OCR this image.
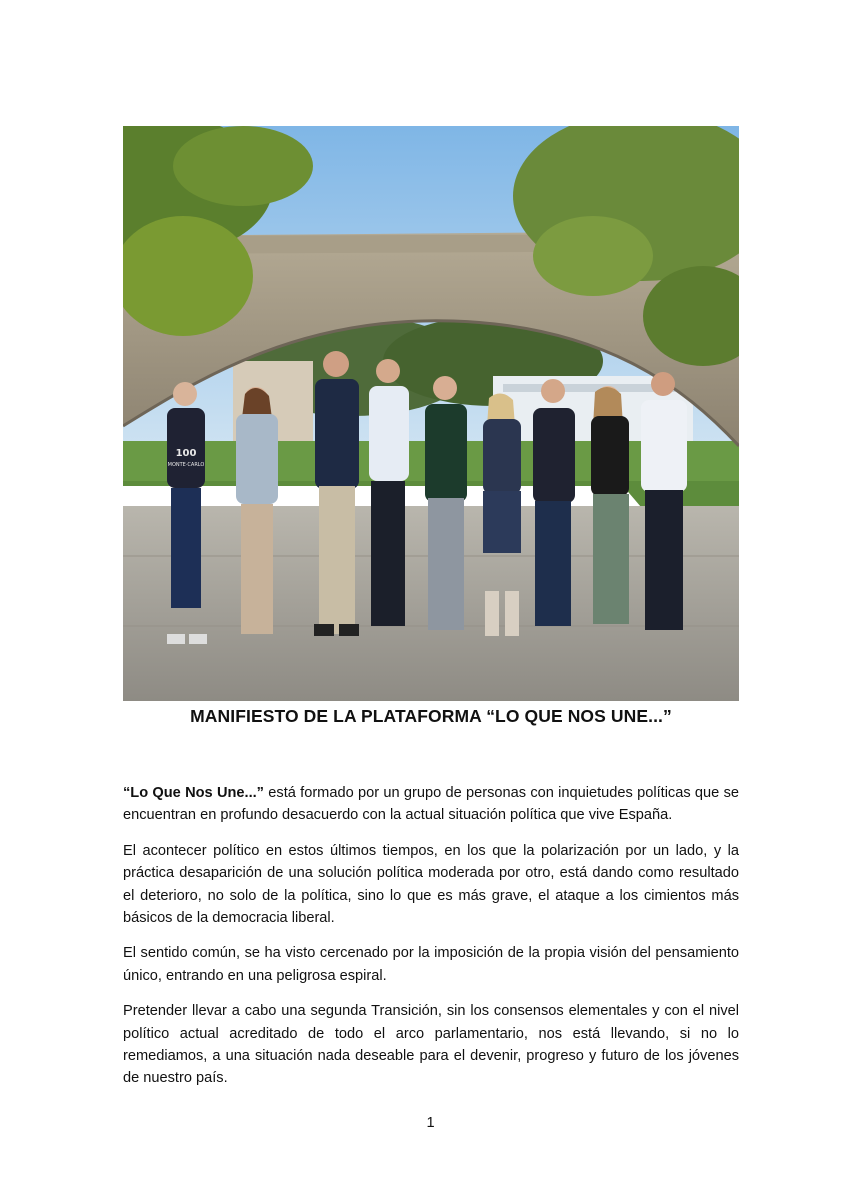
100
MONTE·CARLO
MANIFIESTO DE LA PLATAFORMA “LO QUE NOS UNE...”

“Lo Que Nos Une...” está formado por un grupo de personas con inquietudes políticas que se encuentran en profundo desacuerdo con la actual situación política que vive España.

El acontecer político en estos últimos tiempos, en los que la polarización por un lado, y la práctica desaparición de una solución política moderada por otro, está dando como resultado el deterioro, no solo de la política, sino lo que es más grave, el ataque a los cimientos más básicos de la democracia liberal.

El sentido común, se ha visto cercenado por la imposición de la propia visión del pensamiento único, entrando en una peligrosa espiral.

Pretender llevar a cabo una segunda Transición, sin los consensos elementales y con el nivel político actual acreditado de todo el arco parlamentario, nos está llevando, si no lo remediamos, a una situación nada deseable para el devenir, progreso y futuro de los jóvenes de nuestro país.

1
